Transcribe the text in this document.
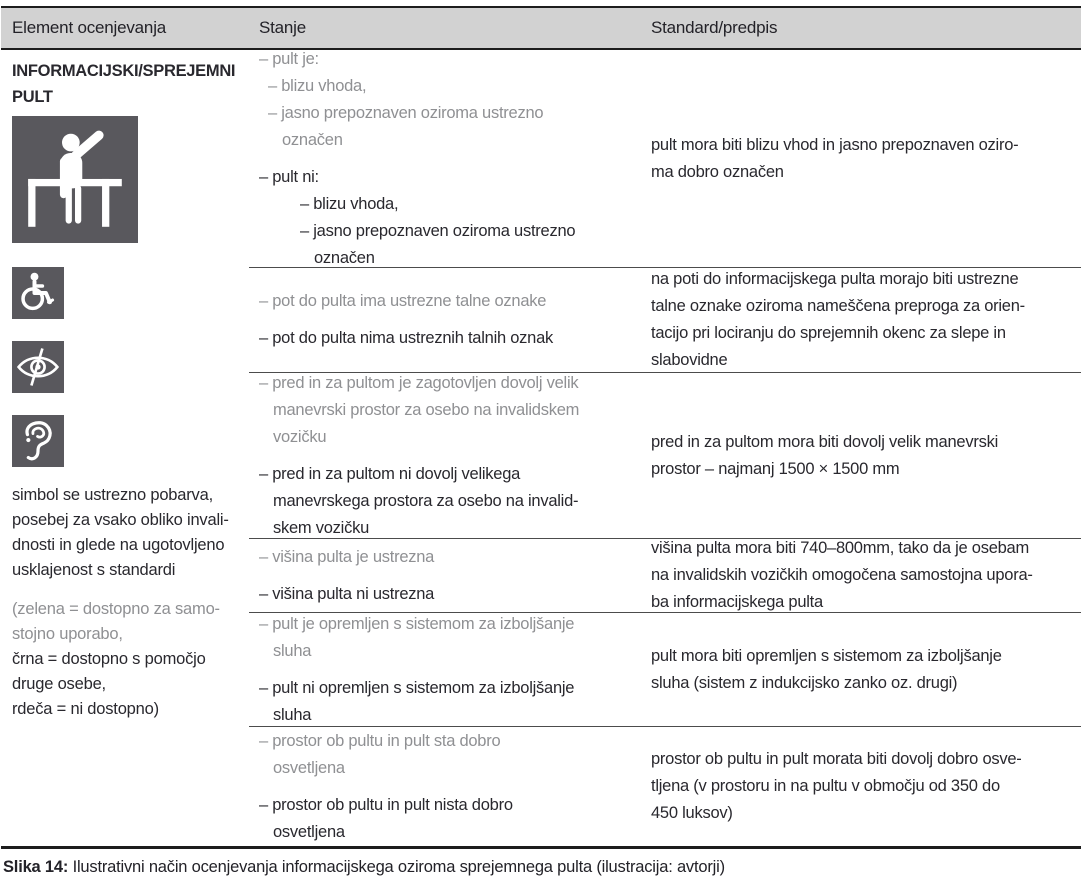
Element ocenjevanja	Stanje	Standard/predpis
INFORMACIJSKI/SPREJEMNI
PULT
simbol se ustrezno pobarva,
posebej za vsako obliko invali-
dnosti in glede na ugotovljeno
usklajenost s standardi
(zelena = dostopno za samo-
stojno uporabo,
črna = dostopno s pomočjo
druge osebe,
rdeča = ni dostopno)
– pult je:
– blizu vhoda,
– jasno prepoznaven oziroma ustrezno
označen
– pult ni:
– blizu vhoda,
– jasno prepoznaven oziroma ustrezno
označen
pult mora biti blizu vhod in jasno prepoznaven oziro-
ma dobro označen
– pot do pulta ima ustrezne talne oznake
– pot do pulta nima ustreznih talnih oznak
na poti do informacijskega pulta morajo biti ustrezne
talne oznake oziroma nameščena preproga za orien-
tacijo pri lociranju do sprejemnih okenc za slepe in
slabovidne
– pred in za pultom je zagotovljen dovolj velik
manevrski prostor za osebo na invalidskem
vozičku
– pred in za pultom ni dovolj velikega
manevrskega prostora za osebo na invalid-
skem vozičku
pred in za pultom mora biti dovolj velik manevrski
prostor – najmanj 1500 × 1500 mm
– višina pulta je ustrezna
– višina pulta ni ustrezna
višina pulta mora biti 740–800mm, tako da je osebam
na invalidskih vozičkih omogočena samostojna upora-
ba informacijskega pulta
– pult je opremljen s sistemom za izboljšanje
sluha
– pult ni opremljen s sistemom za izboljšanje
sluha
pult mora biti opremljen s sistemom za izboljšanje
sluha (sistem z indukcijsko zanko oz. drugi)
– prostor ob pultu in pult sta dobro
osvetljena
– prostor ob pultu in pult nista dobro
osvetljena
prostor ob pultu in pult morata biti dovolj dobro osve-
tljena (v prostoru in na pultu v območju od 350 do
450 luksov)
Slika 14: Ilustrativni način ocenjevanja informacijskega oziroma sprejemnega pulta (ilustracija: avtorji)
